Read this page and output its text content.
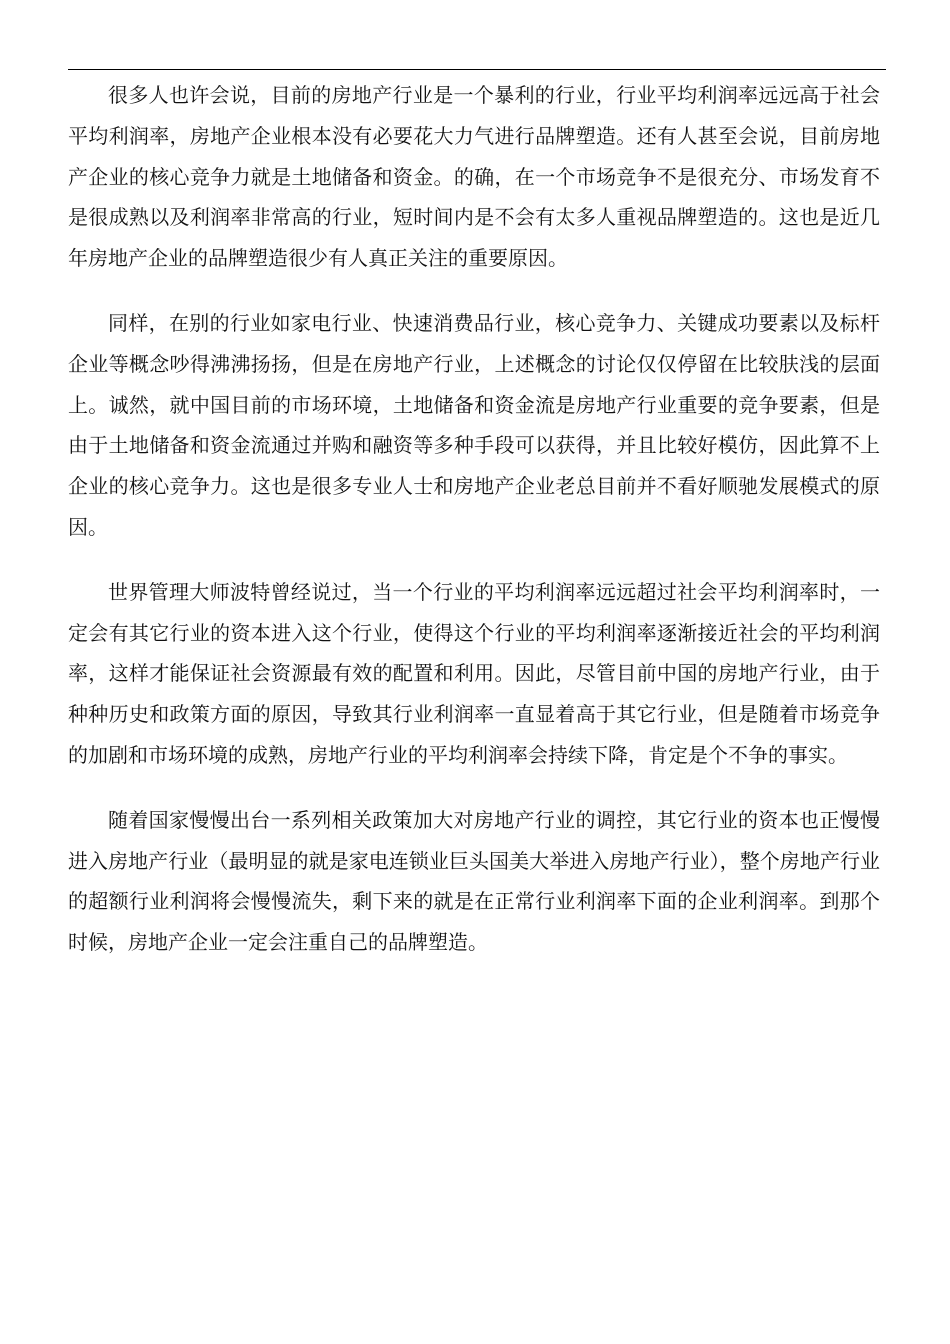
很多人也许会说，目前的房地产行业是一个暴利的行业，行业平均利润率远远高于社会平均利润率，房地产企业根本没有必要花大力气进行品牌塑造。还有人甚至会说，目前房地产企业的核心竞争力就是土地储备和资金。的确，在一个市场竞争不是很充分、市场发育不是很成熟以及利润率非常高的行业，短时间内是不会有太多人重视品牌塑造的。这也是近几年房地产企业的品牌塑造很少有人真正关注的重要原因。

同样，在别的行业如家电行业、快速消费品行业，核心竞争力、关键成功要素以及标杆企业等概念吵得沸沸扬扬，但是在房地产行业，上述概念的讨论仅仅停留在比较肤浅的层面上。诚然，就中国目前的市场环境，土地储备和资金流是房地产行业重要的竞争要素，但是由于土地储备和资金流通过并购和融资等多种手段可以获得，并且比较好模仿，因此算不上企业的核心竞争力。这也是很多专业人士和房地产企业老总目前并不看好顺驰发展模式的原因。

世界管理大师波特曾经说过，当一个行业的平均利润率远远超过社会平均利润率时，一定会有其它行业的资本进入这个行业，使得这个行业的平均利润率逐渐接近社会的平均利润率，这样才能保证社会资源最有效的配置和利用。因此，尽管目前中国的房地产行业，由于种种历史和政策方面的原因，导致其行业利润率一直显着高于其它行业，但是随着市场竞争的加剧和市场环境的成熟，房地产行业的平均利润率会持续下降，肯定是个不争的事实。

随着国家慢慢出台一系列相关政策加大对房地产行业的调控，其它行业的资本也正慢慢进入房地产行业（最明显的就是家电连锁业巨头国美大举进入房地产行业），整个房地产行业的超额行业利润将会慢慢流失，剩下来的就是在正常行业利润率下面的企业利润率。到那个时候，房地产企业一定会注重自己的品牌塑造。
